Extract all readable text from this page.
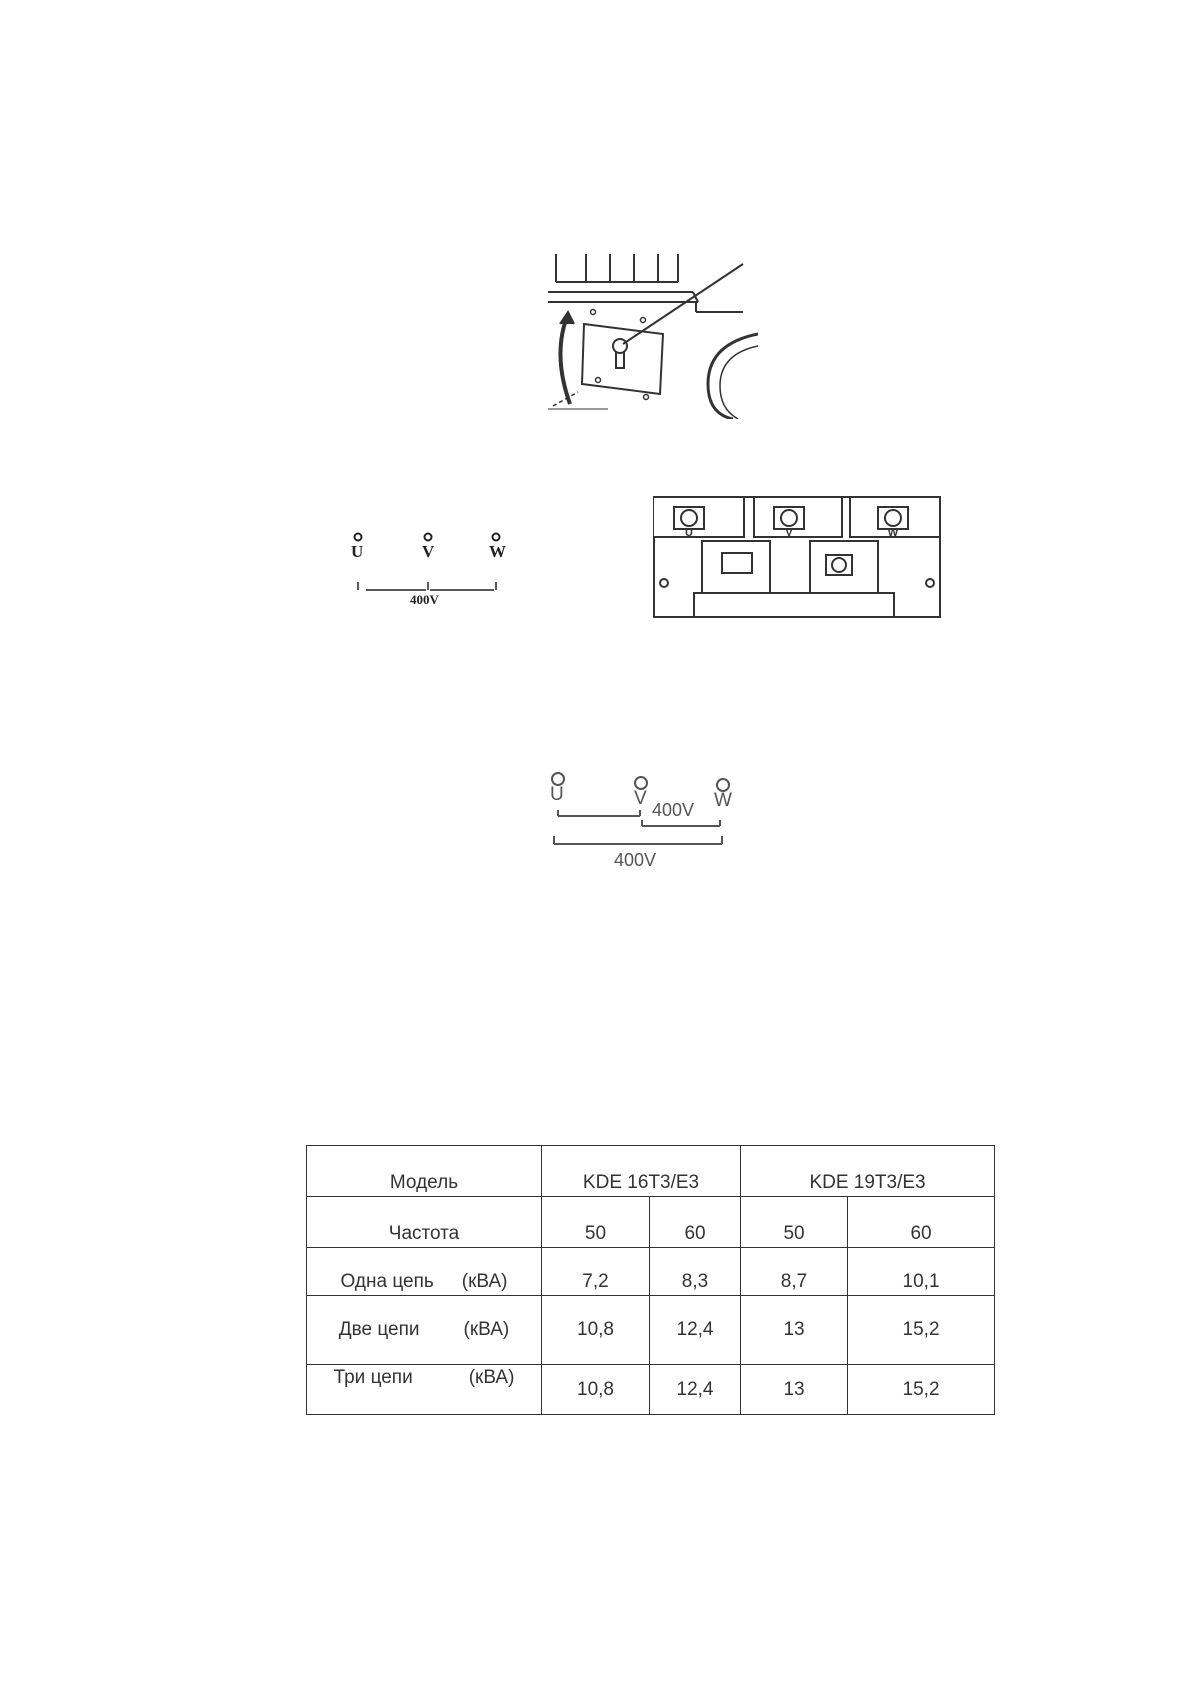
U	V	W
400V
U	V	W
U	V	W
400V
400V

Модель	KDE 16T3/E3		KDE 19T3/E3	
Частота	50	60	50	60
Одна цепь (кВА)	7,2	8,3	8,7	10,1
Две цепи (кВА)	10,8	12,4	13	15,2
Три цепи (кВА)	10,8	12,4	13	15,2
